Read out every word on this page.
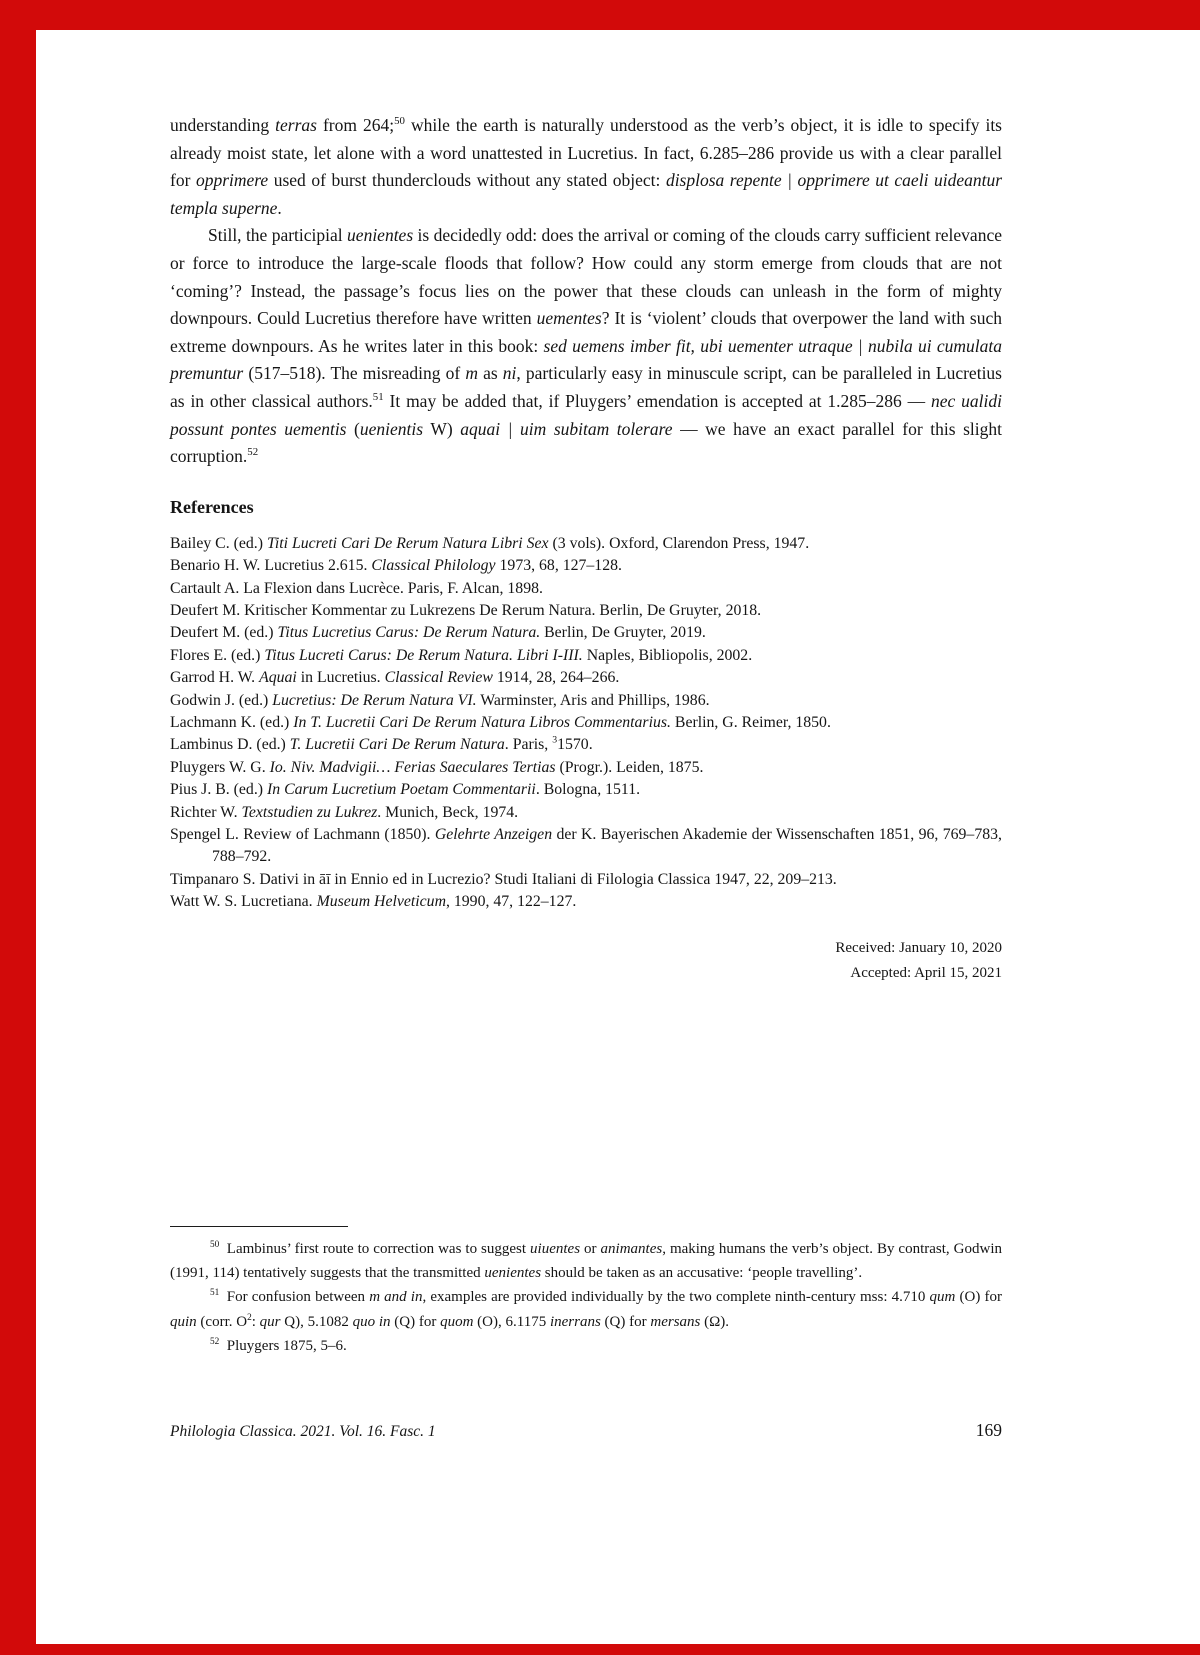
understanding terras from 264;$^{50}$ while the earth is naturally understood as the verb’s object, it is idle to specify its already moist state, let alone with a word unattested in Lucretius. In fact, 6.285–286 provide us with a clear parallel for opprimere used of burst thunderclouds without any stated object: displosa repente | opprimere ut caeli uideantur templa superne.

Still, the participial uenientes is decidedly odd: does the arrival or coming of the clouds carry sufficient relevance or force to introduce the large-scale floods that follow? How could any storm emerge from clouds that are not ‘coming’? Instead, the passage’s focus lies on the power that these clouds can unleash in the form of mighty downpours. Could Lucretius therefore have written uementes? It is ‘violent’ clouds that overpower the land with such extreme downpours. As he writes later in this book: sed uemens imber fit, ubi uementer utraque | nubila ui cumulata premuntur (517–518). The misreading of m as ni, particularly easy in minuscule script, can be paralleled in Lucretius as in other classical authors.$^{51}$ It may be added that, if Pluygers’ emendation is accepted at 1.285–286 — nec ualidi possunt pontes uementis (uenientis W) aquai | uim subitam tolerare — we have an exact parallel for this slight corruption.$^{52}$

References

Bailey C. (ed.) Titi Lucreti Cari De Rerum Natura Libri Sex (3 vols). Oxford, Clarendon Press, 1947.

Benario H. W. Lucretius 2.615. Classical Philology 1973, 68, 127–128.

Cartault A. La Flexion dans Lucrèce. Paris, F. Alcan, 1898.

Deufert M. Kritischer Kommentar zu Lukrezens De Rerum Natura. Berlin, De Gruyter, 2018.

Deufert M. (ed.) Titus Lucretius Carus: De Rerum Natura. Berlin, De Gruyter, 2019.

Flores E. (ed.) Titus Lucreti Carus: De Rerum Natura. Libri I-III. Naples, Bibliopolis, 2002.

Garrod H. W. Aquai in Lucretius. Classical Review 1914, 28, 264–266.

Godwin J. (ed.) Lucretius: De Rerum Natura VI. Warminster, Aris and Phillips, 1986.

Lachmann K. (ed.) In T. Lucretii Cari De Rerum Natura Libros Commentarius. Berlin, G. Reimer, 1850.

Lambinus D. (ed.) T. Lucretii Cari De Rerum Natura. Paris, $^3$1570.

Pluygers W. G. Io. Niv. Madvigii… Ferias Saeculares Tertias (Progr.). Leiden, 1875.

Pius J. B. (ed.) In Carum Lucretium Poetam Commentarii. Bologna, 1511.

Richter W. Textstudien zu Lukrez. Munich, Beck, 1974.

Spengel L. Review of Lachmann (1850). Gelehrte Anzeigen der K. Bayerischen Akademie der Wissenschaften 1851, 96, 769–783, 788–792.

Timpanaro S. Dativi in āī in Ennio ed in Lucrezio? Studi Italiani di Filologia Classica 1947, 22, 209–213.

Watt W. S. Lucretiana. Museum Helveticum, 1990, 47, 122–127.

Received: January 10, 2020

Accepted: April 15, 2021

$^{50}$ Lambinus’ first route to correction was to suggest uiuentes or animantes, making humans the verb’s object. By contrast, Godwin (1991, 114) tentatively suggests that the transmitted uenientes should be taken as an accusative: ‘people travelling’.

$^{51}$ For confusion between m and in, examples are provided individually by the two complete ninth-century mss: 4.710 qum (O) for quin (corr. $O^2$: qur Q), 5.1082 quo in (Q) for quom (O), 6.1175 inerrans (Q) for mersans (Ω).

$^{52}$ Pluygers 1875, 5–6.

Philologia Classica. 2021. Vol. 16. Fasc. 1	169
